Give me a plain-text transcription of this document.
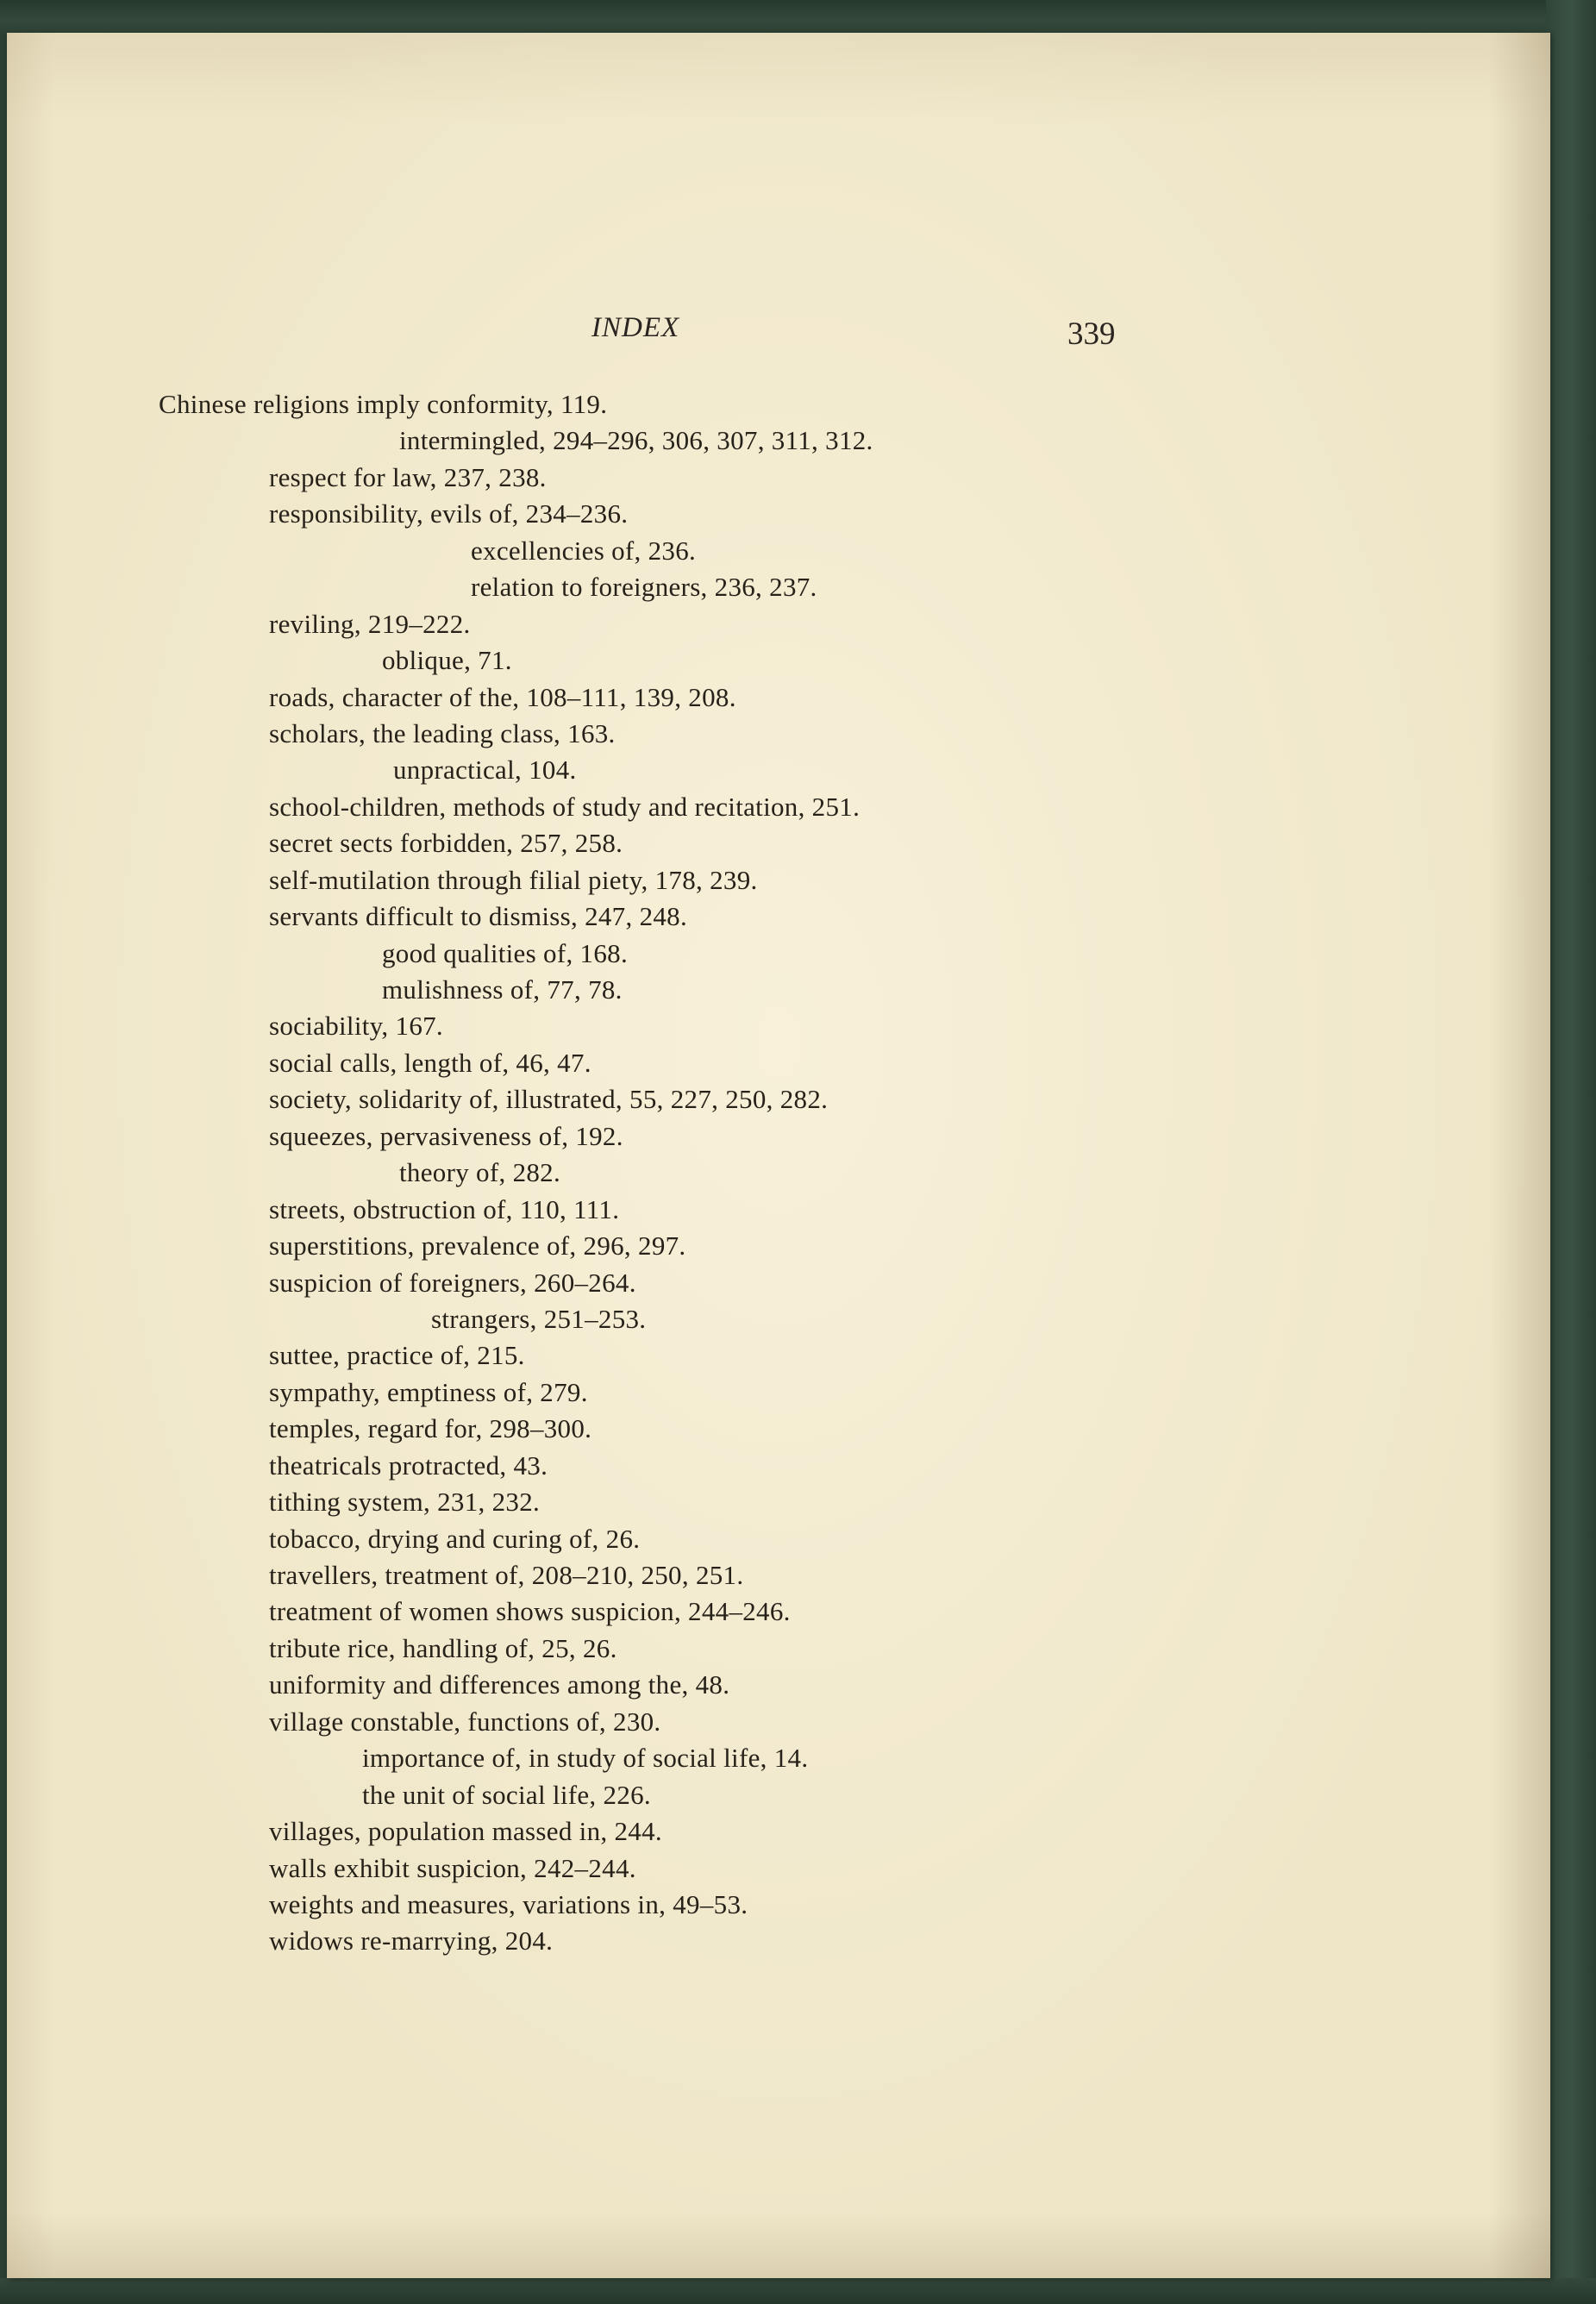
INDEX	339
Chinese religions imply conformity, 119.
intermingled, 294–296, 306, 307, 311, 312.
respect for law, 237, 238.
responsibility, evils of, 234–236.
excellencies of, 236.
relation to foreigners, 236, 237.
reviling, 219–222.
oblique, 71.
roads, character of the, 108–111, 139, 208.
scholars, the leading class, 163.
unpractical, 104.
school-children, methods of study and recitation, 251.
secret sects forbidden, 257, 258.
self-mutilation through filial piety, 178, 239.
servants difficult to dismiss, 247, 248.
good qualities of, 168.
mulishness of, 77, 78.
sociability, 167.
social calls, length of, 46, 47.
society, solidarity of, illustrated, 55, 227, 250, 282.
squeezes, pervasiveness of, 192.
theory of, 282.
streets, obstruction of, 110, 111.
superstitions, prevalence of, 296, 297.
suspicion of foreigners, 260–264.
strangers, 251–253.
suttee, practice of, 215.
sympathy, emptiness of, 279.
temples, regard for, 298–300.
theatricals protracted, 43.
tithing system, 231, 232.
tobacco, drying and curing of, 26.
travellers, treatment of, 208–210, 250, 251.
treatment of women shows suspicion, 244–246.
tribute rice, handling of, 25, 26.
uniformity and differences among the, 48.
village constable, functions of, 230.
importance of, in study of social life, 14.
the unit of social life, 226.
villages, population massed in, 244.
walls exhibit suspicion, 242–244.
weights and measures, variations in, 49–53.
widows re-marrying, 204.
